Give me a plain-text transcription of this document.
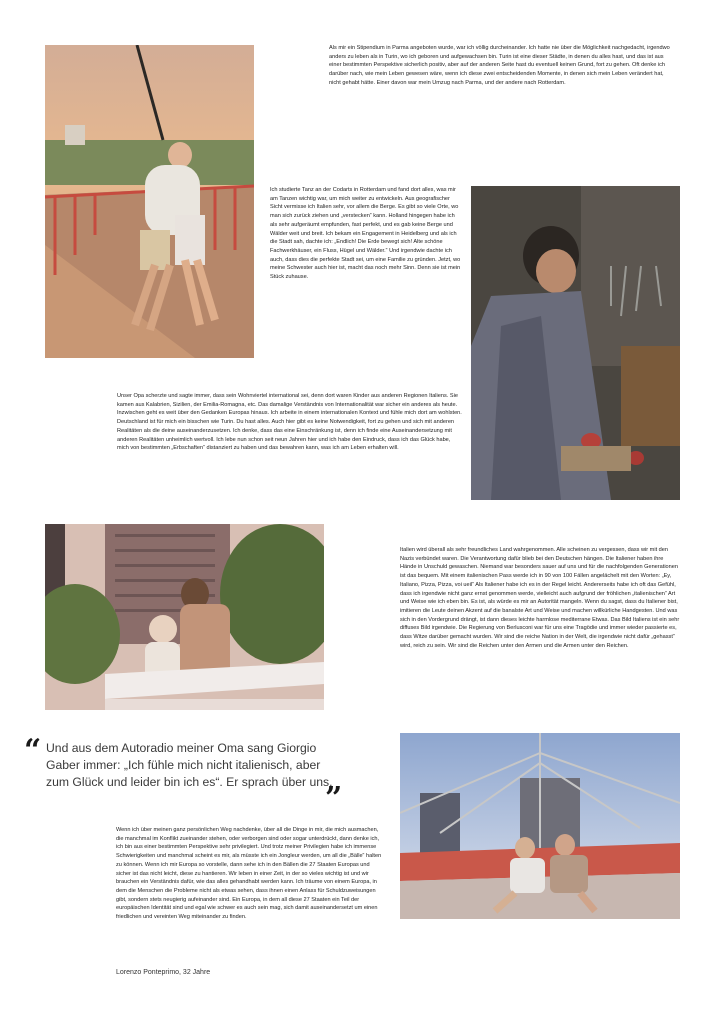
Als mir ein Stipendium in Parma angeboten wurde, war ich völlig durcheinander. Ich hatte nie über die Möglichkeit nachgedacht, irgendwo anders zu leben als in Turin, wo ich geboren und aufgewachsen bin. Turin ist eine dieser Städte, in denen du alles hast, und das ist aus einer bestimmten Perspektive sicherlich positiv, aber auf der anderen Seite hast du eventuell keinen Grund, fort zu gehen. Oft denke ich darüber nach, wie mein Leben gewesen wäre, wenn ich diese zwei entscheidenden Momente, in denen sich mein Leben verändert hat, nicht gehabt hätte. Einer davon war mein Umzug nach Parma, und der andere nach Rotterdam.

Ich studierte Tanz an der Codarts in Rotterdam und fand dort alles, was mir am Tanzen wichtig war, um mich weiter zu entwickeln. Aus geografischer Sicht vermisse ich Italien sehr, vor allem die Berge. Es gibt so viele Orte, wo man sich zurück ziehen und „verstecken“ kann. Holland hingegen habe ich als sehr aufgeräumt empfunden, fast perfekt, und es gab keine Berge und Wälder weit und breit. Ich bekam ein Engagement in Heidelberg und als ich die Stadt sah, dachte ich: „Endlich! Die Erde bewegt sich! Alte schöne Fachwerkhäuser, ein Fluss, Hügel und Wälder.“ Und irgendwie dachte ich auch, dass dies die perfekte Stadt sei, um eine Familie zu gründen. Jetzt, wo meine Schwester auch hier ist, macht das noch mehr Sinn. Denn sie ist mein Stück zuhause.

Unser Opa scherzte und sagte immer, dass sein Wohnviertel international sei, denn dort waren Kinder aus anderen Regionen Italiens. Sie kamen aus Kalabrien, Sizilien, der Emilia-Romagna, etc. Das damalige Verständnis von Internationalität war sicher ein anderes als heute. Inzwischen geht es weit über den Gedanken Europas hinaus. Ich arbeite in einem internationalen Kontext und fühle mich dort am wohlsten. Deutschland ist für mich ein bisschen wie Turin. Du hast alles. Auch hier gibt es keine Notwendigkeit, fort zu gehen und sich mit anderen Realitäten als die deine auseinanderzusetzen. Ich denke, dass das eine Einschränkung ist, denn ich finde eine Auseinandersetzung mit anderen Realitäten unheimlich wertvoll. Ich lebe nun schon seit neun Jahren hier und ich habe den Eindruck, dass ich das Glück habe, mich von bestimmten „Erbschaften“ distanziert zu haben und das bewahren kann, was ich am Leben erhalten will.

Italien wird überall als sehr freundliches Land wahrgenommen. Alle scheinen zu vergessen, dass wir mit den Nazis verbündet waren. Die Verantwortung dafür blieb bei den Deutschen hängen. Die Italiener haben ihre Hände in Unschuld gewaschen. Niemand war besonders sauer auf uns und für die nachfolgenden Generationen ist das bequem. Mit einem italienischen Pass werde ich in 90 von 100 Fällen angelächelt mit den Worten: „Ey, Italiano, Pizza, Pizza, voi ueil“ Als Italiener habe ich es in der Regel leicht. Andererseits habe ich oft das Gefühl, dass ich irgendwie nicht ganz ernst genommen werde, vielleicht auch aufgrund der fröhlichen „italienischen“ Art und Weise wie ich eben bin. Es ist, als würde es mir an Autorität mangeln. Wenn du sagst, dass du Italiener bist, imitieren die Leute deinen Akzent auf die banalste Art und Weise und machen willkürliche Handgesten. Und was sich in den Vordergrund drängt, ist dann dieses leichte harmlose mediterrane Etwas. Das Bild Italiens ist ein sehr diffuses Bild irgendwie. Die Regierung von Berlusconi war für uns eine Tragödie und immer wieder passierte es, dass Witze darüber gemacht wurden. Wir sind die reiche Nation in der Welt, die irgendwie nicht dafür „gehasst“ wird, reich zu sein. Wir sind die Reichen unter den Armen und die Armen unter den Reichen.

“ Und aus dem Autoradio meiner Oma sang Giorgio Gaber immer: „Ich fühle mich nicht italienisch, aber zum Glück und leider bin ich es“. Er sprach über uns.

”

Wenn ich über meinen ganz persönlichen Weg nachdenke, über all die Dinge in mir, die mich ausmachen, die manchmal im Konflikt zueinander stehen, oder verborgen sind oder sogar unterdrückt, dann denke ich, ich bin aus einer bestimmten Perspektive sehr privilegiert. Und trotz meiner Privilegien habe ich immense Schwierigkeiten und manchmal scheint es mir, als müsste ich ein Jongleur werden, um all die „Bälle“ halten zu können. Wenn ich mir Europa so vorstelle, dann sehe ich in den Bällen die 27 Staaten Europas und sicher ist das nicht leicht, diese zu hantieren. Wir leben in einer Zeit, in der so vieles wichtig ist und wir brauchen ein Verständnis dafür, wie das alles gehandhabt werden kann. Ich träume von einem Europa, in dem die Menschen die Probleme nicht als etwas sehen, dass ihnen einen Anlass für Schuldzuweisungen gibt, sondern stets neugierig aufeinander sind. Ein Europa, in dem all diese 27 Staaten ein Teil der europäischen Identität sind und egal wie schwer es auch sein mag, sich damit auseinandersetzt um einen friedlichen und vereinten Weg miteinander zu finden.

Lorenzo Ponteprimo, 32 Jahre
